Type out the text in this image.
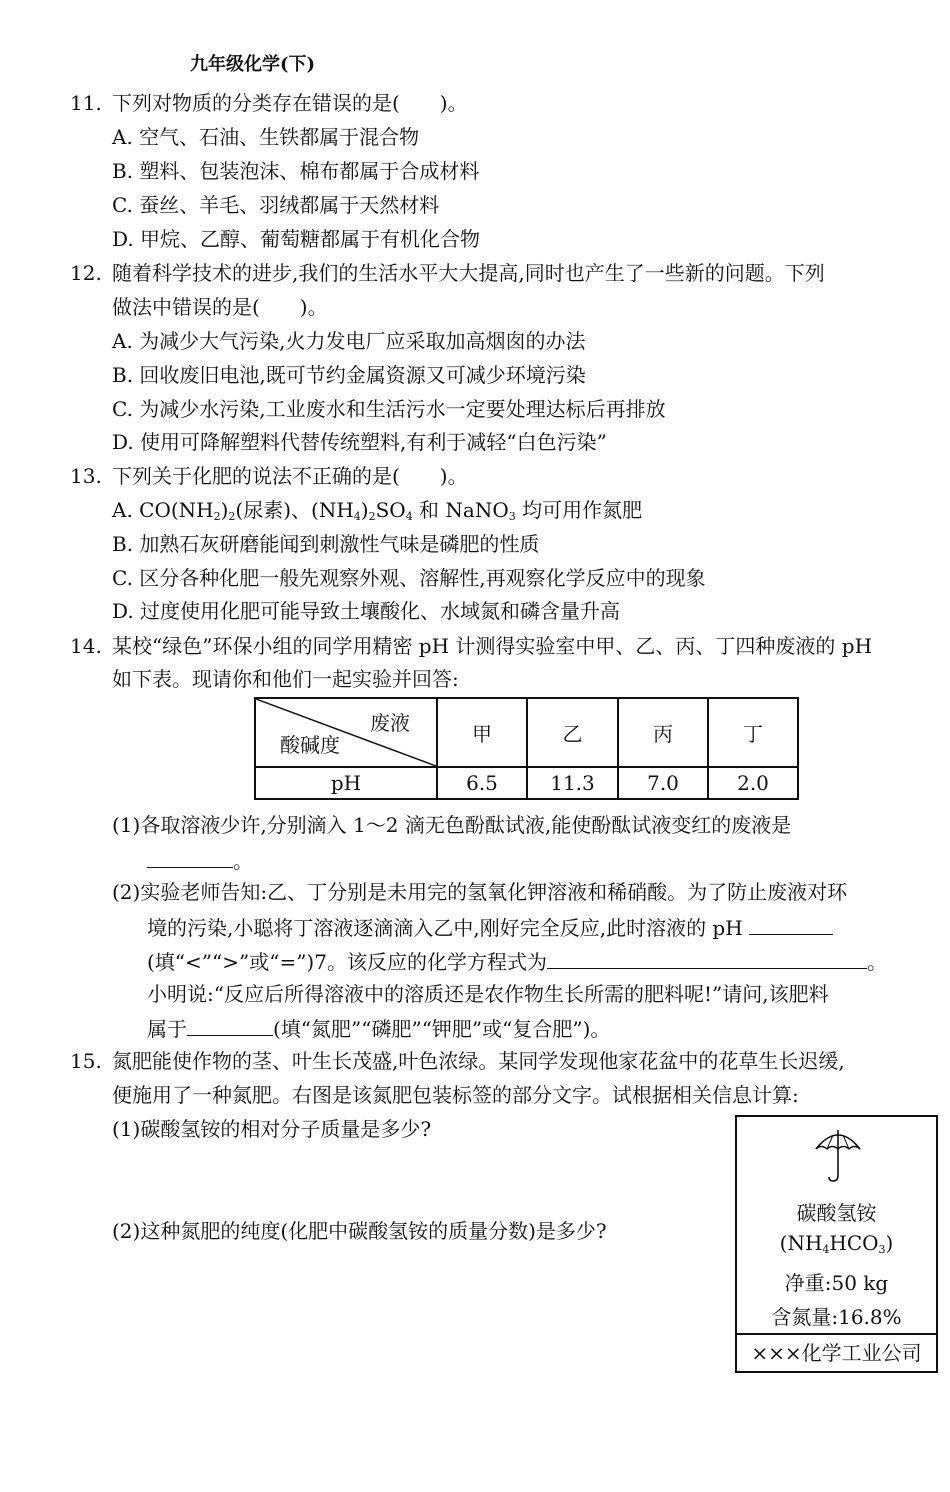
九年级化学(下)
11. 下列对物质的分类存在错误的是(　　)。
A. 空气、石油、生铁都属于混合物
B. 塑料、包装泡沫、棉布都属于合成材料
C. 蚕丝、羊毛、羽绒都属于天然材料
D. 甲烷、乙醇、葡萄糖都属于有机化合物
12. 随着科学技术的进步,我们的生活水平大大提高,同时也产生了一些新的问题。下列
做法中错误的是(　　)。
A. 为减少大气污染,火力发电厂应采取加高烟囱的办法
B. 回收废旧电池,既可节约金属资源又可减少环境污染
C. 为减少水污染,工业废水和生活污水一定要处理达标后再排放
D. 使用可降解塑料代替传统塑料,有利于减轻“白色污染”
13. 下列关于化肥的说法不正确的是(　　)。
A. $CO(NH_2)_2$(尿素)、$(NH_4)_2SO_4$ 和 NaNO$_3$ 均可用作氮肥
B. 加熟石灰研磨能闻到刺激性气味是磷肥的性质
C. 区分各种化肥一般先观察外观、溶解性,再观察化学反应中的现象
D. 过度使用化肥可能导致土壤酸化、水域氮和磷含量升高
14. 某校“绿色”环保小组的同学用精密 pH 计测得实验室中甲、乙、丙、丁四种废液的 pH
如下表。现请你和他们一起实验并回答:
废液
酸碱度	甲	乙	丙	丁
pH	6.5	11.3	7.0	2.0
(1)各取溶液少许,分别滴入 1～2 滴无色酚酞试液,能使酚酞试液变红的废液是
。
(2)实验老师告知:乙、丁分别是未用完的氢氧化钾溶液和稀硝酸。为了防止废液对环
境的污染,小聪将丁溶液逐滴滴入乙中,刚好完全反应,此时溶液的 pH
(填“<”“>”或“=”)7。该反应的化学方程式为	。
小明说:“反应后所得溶液中的溶质还是农作物生长所需的肥料呢!”请问,该肥料
属于	(填“氮肥”“磷肥”“钾肥”或“复合肥”)。
15. 氮肥能使作物的茎、叶生长茂盛,叶色浓绿。某同学发现他家花盆中的花草生长迟缓,
便施用了一种氮肥。右图是该氮肥包装标签的部分文字。试根据相关信息计算:
(1)碳酸氢铵的相对分子质量是多少?
(2)这种氮肥的纯度(化肥中碳酸氢铵的质量分数)是多少?
碳酸氢铵
$(NH_4HCO_3)$
净重:50 kg
含氮量:16.8%
×××化学工业公司
